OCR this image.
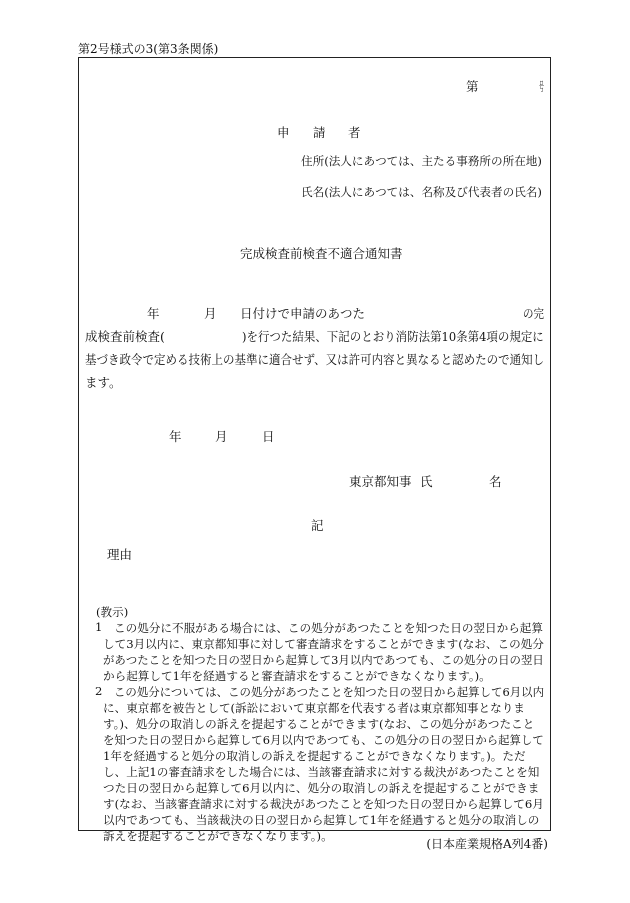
第2号様式の3(第3条関係)
第	号
申 請 者
住所(法人にあつては、主たる事務所の所在地)
氏名(法人にあつては、名称及び代表者の氏名)
完成検査前検査不適合通知書
年	月 日付けで申請のあつた	の完
成検査前検査(	)を行つた結果、下記のとおり消防法第10条第4項の規定に
基づき政令で定める技術上の基準に適合せず、又は許可内容と異なると認めたので通知し
ます。
年	月	日
東京都知事 氏	名
記
理由
(教示)
1 この処分に不服がある場合には、この処分があつたことを知つた日の翌日から起算
して3月以内に、東京都知事に対して審査請求をすることができます(なお、この処分
があつたことを知つた日の翌日から起算して3月以内であつても、この処分の日の翌日
から起算して1年を経過すると審査請求をすることができなくなります。)。
2 この処分については、この処分があつたことを知つた日の翌日から起算して6月以内
に、東京都を被告として(訴訟において東京都を代表する者は東京都知事となりま
す。)、処分の取消しの訴えを提起することができます(なお、この処分があつたこと
を知つた日の翌日から起算して6月以内であつても、この処分の日の翌日から起算して
1年を経過すると処分の取消しの訴えを提起することができなくなります。)。ただ
し、上記1の審査請求をした場合には、当該審査請求に対する裁決があつたことを知
つた日の翌日から起算して6月以内に、処分の取消しの訴えを提起することができま
す(なお、当該審査請求に対する裁決があつたことを知つた日の翌日から起算して6月
以内であつても、当該裁決の日の翌日から起算して1年を経過すると処分の取消しの
訴えを提起することができなくなります。)。
(日本産業規格A列4番)
